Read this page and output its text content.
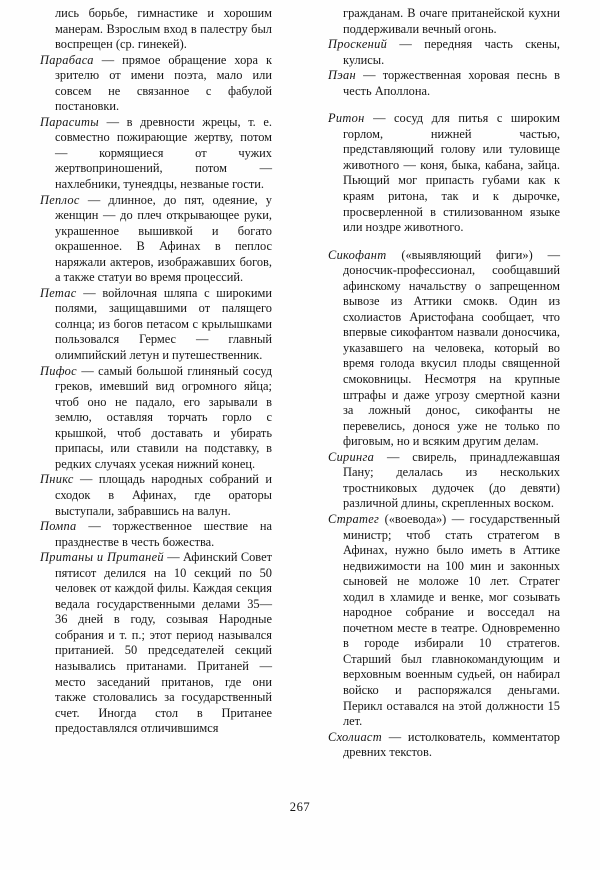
лись борьбе, гимнастике и хорошим манерам. Взрослым вход в палестру был воспрещен (ср. гинекей).

Парабаса — прямое обращение хора к зрителю от имени поэта, мало или совсем не связанное с фабулой постановки.

Параситы — в древности жрецы, т. е. совместно пожирающие жертву, потом — кормящиеся от чужих жертвоприношений, потом — нахлебники, тунеядцы, незваные гости.

Пеплос — длинное, до пят, одеяние, у женщин — до плеч открывающее руки, украшенное вышивкой и богато окрашенное. В Афинах в пеплос наряжали актеров, изображавших богов, а также статуи во время процессий.

Петас — войлочная шляпа с широкими полями, защищавшими от палящего солнца; из богов петасом с крылышками пользовался Гермес — главный олимпийский летун и путешественник.

Пифос — самый большой глиняный сосуд греков, имевший вид огромного яйца; чтоб оно не падало, его зарывали в землю, оставляя торчать горло с крышкой, чтоб доставать и убирать припасы, или ставили на подставку, в редких случаях усекая нижний конец.

Пникс — площадь народных собраний и сходок в Афинах, где ораторы выступали, забравшись на валун.

Помпа — торжественное шествие на празднестве в честь божества.

Пританы и Пританей — Афинский Совет пятисот делился на 10 секций по 50 человек от каждой филы. Каждая секция ведала государственными делами 35—36 дней в году, созывая Народные собрания и т. п.; этот период назывался пританией. 50 председателей секций назывались пританами. Пританей — место заседаний пританов, где они также столовались за государственный счет. Иногда стол в Пританее предоставлялся отличившимся

гражданам. В очаге пританейской кухни поддерживали вечный огонь.

Проскений — передняя часть скены, кулисы.

Пэан — торжественная хоровая песнь в честь Аполлона.

Ритон — сосуд для питья с широким горлом, нижней частью, представляющий голову или туловище животного — коня, быка, кабана, зайца. Пьющий мог припасть губами как к краям ритона, так и к дырочке, просверленной в стилизованном языке или ноздре животного.

Сикофант («выявляющий фиги») — доносчик-профессионал, сообщавший афинскому начальству о запрещенном вывозе из Аттики смокв. Один из схолиастов Аристофана сообщает, что впервые сикофантом назвали доносчика, указавшего на человека, который во время голода вкусил плоды священной смоковницы. Несмотря на крупные штрафы и даже угрозу смертной казни за ложный донос, сикофанты не перевелись, донося уже не только по фиговым, но и всяким другим делам.

Сиринга — свирель, принадлежавшая Пану; делалась из нескольких тростниковых дудочек (до девяти) различной длины, скрепленных воском.

Стратег («воевода») — государственный министр; чтоб стать стратегом в Афинах, нужно было иметь в Аттике недвижимости на 100 мин и законных сыновей не моложе 10 лет. Стратег ходил в хламиде и венке, мог созывать народное собрание и восседал на почетном месте в театре. Одновременно в городе избирали 10 стратегов. Старший был главнокомандующим и верховным военным судьей, он набирал войско и распоряжался деньгами. Перикл оставался на этой должности 15 лет.

Схолиаст — истолкователь, комментатор древних текстов.

267
